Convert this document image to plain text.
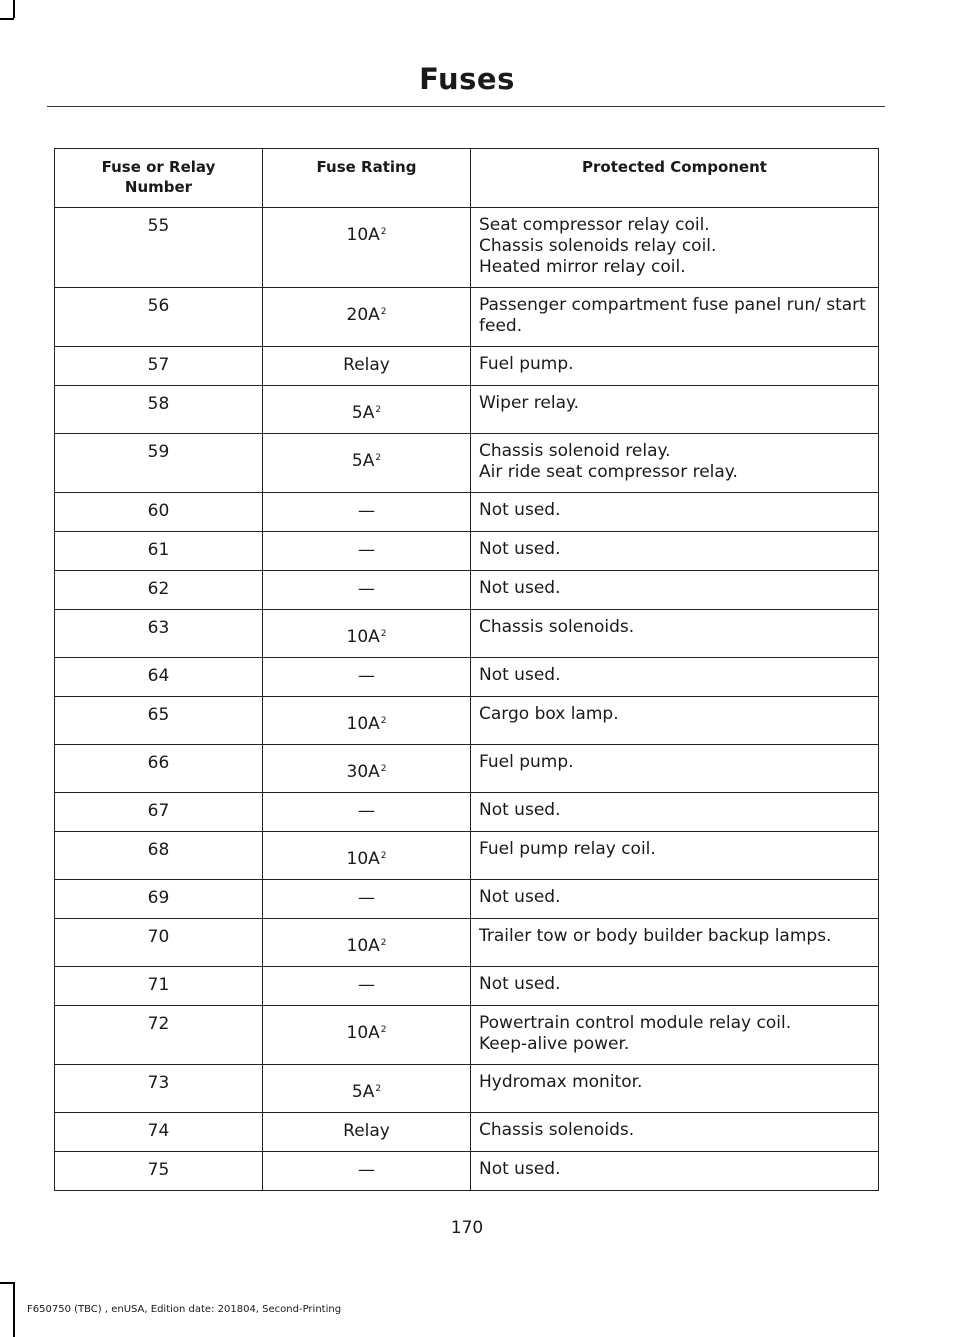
Fuses
Fuse or Relay Number	Fuse Rating	Protected Component
55	$10A^2$	Seat compressor relay coil.
Chassis solenoids relay coil.
Heated mirror relay coil.

56	$20A^2$	Passenger compartment fuse panel run/ start feed.

57	Relay	Fuel pump.

58	$5A^2$	Wiper relay.

59	$5A^2$	Chassis solenoid relay.
Air ride seat compressor relay.

60	—	Not used.

61	—	Not used.

62	—	Not used.

63	$10A^2$	Chassis solenoids.

64	—	Not used.

65	$10A^2$	Cargo box lamp.

66	$30A^2$	Fuel pump.

67	—	Not used.

68	$10A^2$	Fuel pump relay coil.

69	—	Not used.

70	$10A^2$	Trailer tow or body builder backup lamps.

71	—	Not used.

72	$10A^2$	Powertrain control module relay coil.
Keep-alive power.

73	$5A^2$	Hydromax monitor.

74	Relay	Chassis solenoids.

75	—	Not used.
170
F650750 (TBC) , enUSA, Edition date: 201804, Second-Printing
